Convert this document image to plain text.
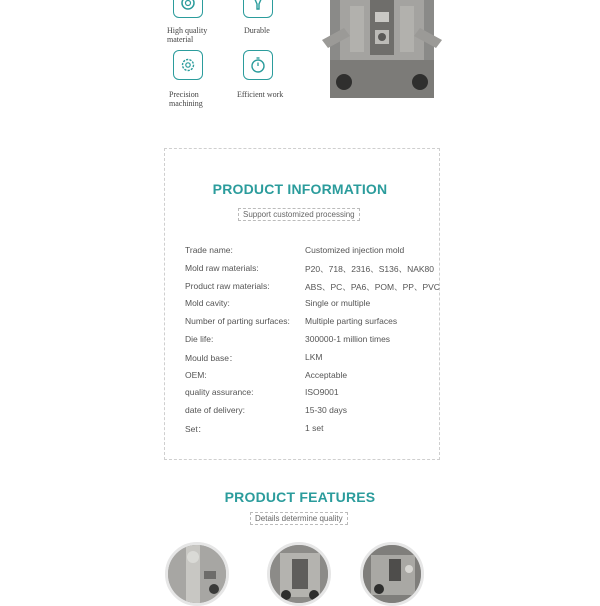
High quality
material
Durable
Precision
machining
Efficient work
PRODUCT INFORMATION
Support customized processing
Trade name:	Customized injection mold
Mold raw materials:	P20、718、2316、S136、NAK80
Product raw materials:	ABS、PC、PA6、POM、PP、PVC
Mold cavity:	Single or multiple
Number of parting surfaces: Multiple parting surfaces
Die life:	300000-1 million times
Mould base：	LKM
OEM:	Acceptable
quality assurance:	ISO9001
date of delivery:	15-30 days
Set：	1 set
PRODUCT FEATURES
Details determine quality
